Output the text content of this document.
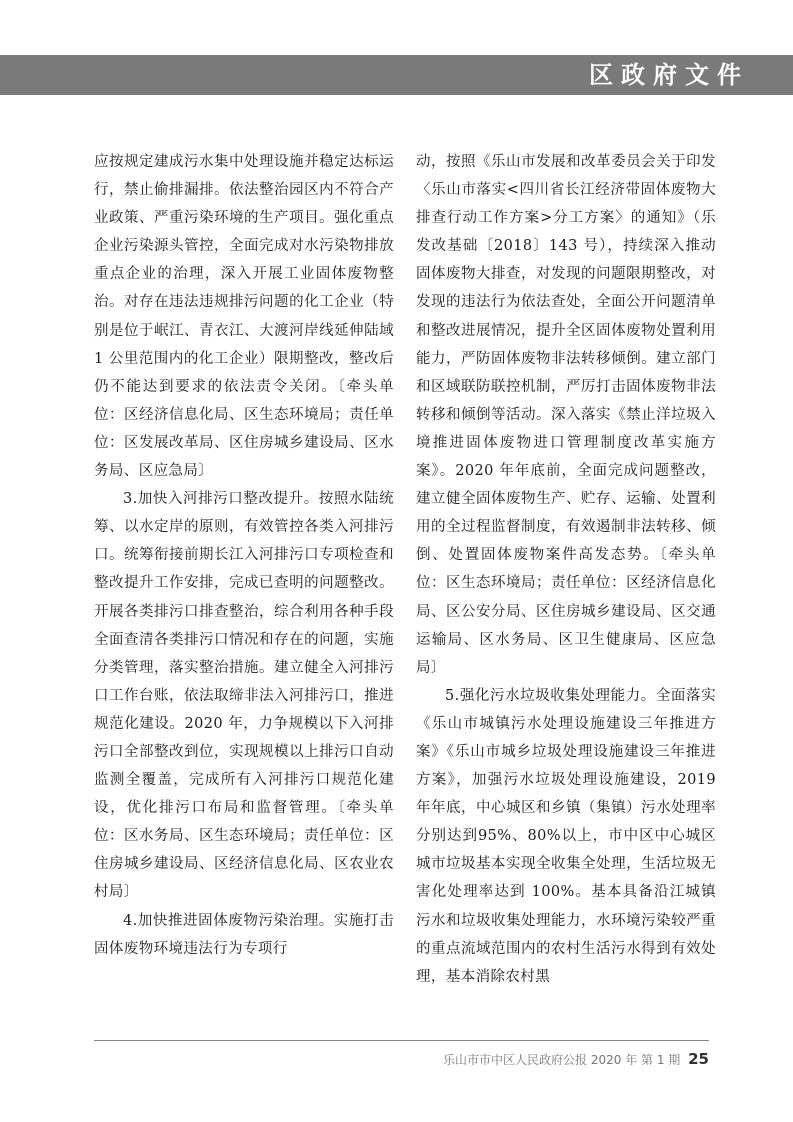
区政府文件

应按规定建成污水集中处理设施并稳定达标运行，禁止偷排漏排。依法整治园区内不符合产业政策、严重污染环境的生产项目。强化重点企业污染源头管控，全面完成对水污染物排放重点企业的治理，深入开展工业固体废物整治。对存在违法违规排污问题的化工企业（特别是位于岷江、青衣江、大渡河岸线延伸陆域 1 公里范围内的化工企业）限期整改，整改后仍不能达到要求的依法责令关闭。〔牵头单位：区经济信息化局、区生态环境局；责任单位：区发展改革局、区住房城乡建设局、区水务局、区应急局〕

3.加快入河排污口整改提升。按照水陆统筹、以水定岸的原则，有效管控各类入河排污口。统筹衔接前期长江入河排污口专项检查和整改提升工作安排，完成已查明的问题整改。开展各类排污口排查整治，综合利用各种手段全面查清各类排污口情况和存在的问题，实施分类管理，落实整治措施。建立健全入河排污口工作台账，依法取缔非法入河排污口，推进规范化建设。2020 年，力争规模以下入河排污口全部整改到位，实现规模以上排污口自动监测全覆盖，完成所有入河排污口规范化建设，优化排污口布局和监督管理。〔牵头单位：区水务局、区生态环境局；责任单位：区住房城乡建设局、区经济信息化局、区农业农村局〕

4.加快推进固体废物污染治理。实施打击固体废物环境违法行为专项行

动，按照《乐山市发展和改革委员会关于印发〈乐山市落实<四川省长江经济带固体废物大排查行动工作方案>分工方案〉的通知》（乐发改基础〔2018〕143 号），持续深入推动固体废物大排查，对发现的问题限期整改，对发现的违法行为依法查处，全面公开问题清单和整改进展情况，提升全区固体废物处置利用能力，严防固体废物非法转移倾倒。建立部门和区域联防联控机制，严厉打击固体废物非法转移和倾倒等活动。深入落实《禁止洋垃圾入境推进固体废物进口管理制度改革实施方案》。2020 年年底前，全面完成问题整改，建立健全固体废物生产、贮存、运输、处置利用的全过程监督制度，有效遏制非法转移、倾倒、处置固体废物案件高发态势。〔牵头单位：区生态环境局；责任单位：区经济信息化局、区公安分局、区住房城乡建设局、区交通运输局、区水务局、区卫生健康局、区应急局〕

5.强化污水垃圾收集处理能力。全面落实《乐山市城镇污水处理设施建设三年推进方案》《乐山市城乡垃圾处理设施建设三年推进方案》，加强污水垃圾处理设施建设，2019 年年底，中心城区和乡镇（集镇）污水处理率分别达到95%、80%以上，市中区中心城区城市垃圾基本实现全收集全处理，生活垃圾无害化处理率达到 100%。基本具备沿江城镇污水和垃圾收集处理能力，水环境污染较严重的重点流域范围内的农村生活污水得到有效处理，基本消除农村黑

乐山市市中区人民政府公报 2020 年 第 1 期 25
